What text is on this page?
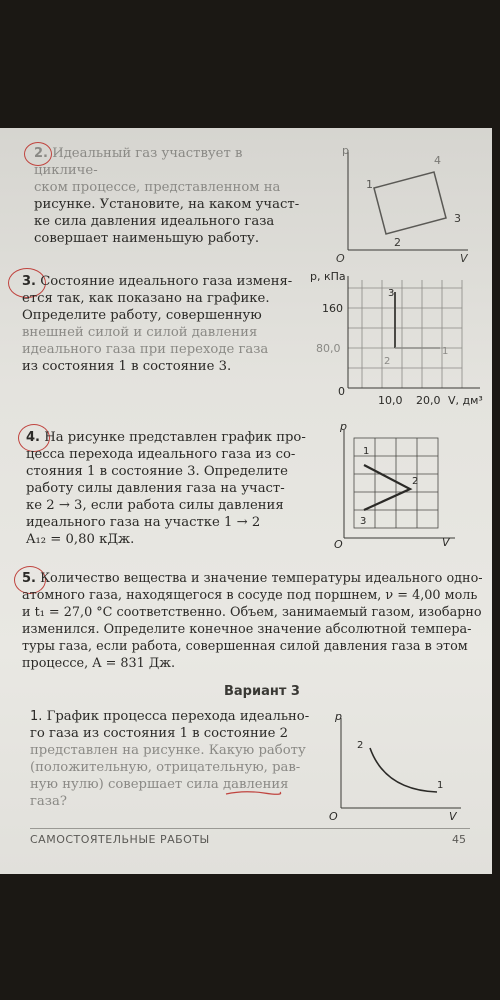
2. Идеальный газ участвует в цикличе-
ском процессе, представленном на
рисунке. Установите, на каком участ-
ке сила давления идеального газа
совершает наименьшую работу.
p
V
O
1
2
3
4
3. Состояние идеального газа изменя-
ется так, как показано на графике.
Определите работу, совершенную
внешней силой и силой давления
идеального газа при переходе газа
из состояния 1 в состояние 3.
p, кПа
V, дм³
0
160
80,0
10,0 20,0
1
2
3
4. На рисунке представлен график про-
цесса перехода идеального газа из со-
стояния 1 в состояние 3. Определите
работу силы давления газа на участ-
ке 2 → 3, если работа силы давления
идеального газа на участке 1 → 2
A₁₂ = 0,80 кДж.
p
V
O
1
2
3
5. Количество вещества и значение температуры идеального одно-
атомного газа, находящегося в сосуде под поршнем, ν = 4,00 моль
и t₁ = 27,0 °С соответственно. Объем, занимаемый газом, изобарно
изменился. Определите конечное значение абсолютной темпера-
туры газа, если работа, совершенная силой давления газа в этом
процессе, A = 831 Дж.
Вариант 3
1. График процесса перехода идеально-
го газа из состояния 1 в состояние 2
представлен на рисунке. Какую работу
(положительную, отрицательную, рав-
ную нулю) совершает сила давления
газа?
p
V
O
2
1
САМОСТОЯТЕЛЬНЫЕ РАБОТЫ	45
